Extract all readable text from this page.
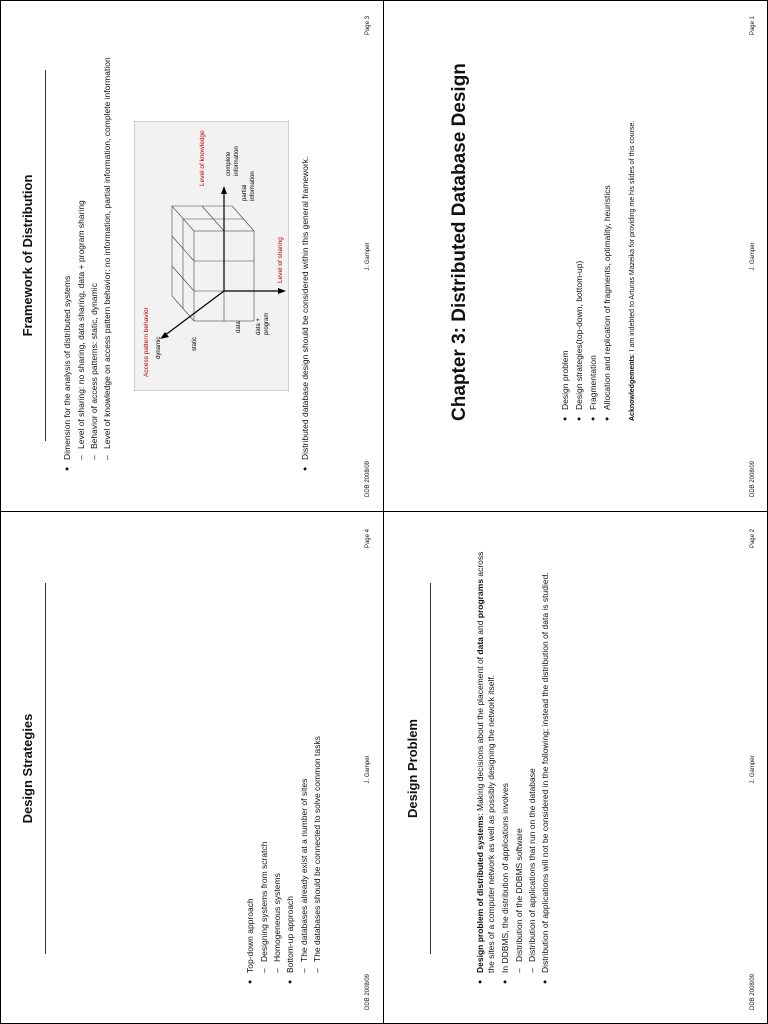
Chapter 3: Distributed Database Design	● Design problem ● Design strategies(top-down, bottom-up) ● Fragmentation ● Allocation and replication of fragments, optimality, heuristics Acknowledgements: I am indebted to Arturas Mazeika for providing me his slides of this course.
DDB 2008/09
J. Gamper
Page 1
Design Problem
● Design problem of distributed systems: Making decisions about the placement of data and programs across the sites of a computer network as well as possibly designing the network itself. ● In DDBMS, the distribution of applications involves – Distribution of the DDBMS software – Distribution of applications that run on the database ● Distribution of applications will not be considered in the following; instead the distribution of data is studied.
DDB 2008/09
J. Gamper
Page 2
Framework of Distribution
● Dimension for the analysis of distributed systems – Level of sharing: no sharing, data sharing, data + program sharing – Behavior of access patterns: static, dynamic – Level of knowledge on access pattern behavior: no information, partial information, complete information	Access pattern behavior dynamic	static
Level of knowledge
partial information
complete information
data data + program
Level of sharing ● Distributed database design should be considered within this general framework.
DDB 2008/09
J. Gamper
Page 3
Design Strategies
● Top-down approach – Designing systems from scratch – Homogeneous systems ● Bottom-up approach – The databases already exist at a number of sites – The databases should be connected to solve common tasks
DDB 2008/09
J. Gamper
Page 4
